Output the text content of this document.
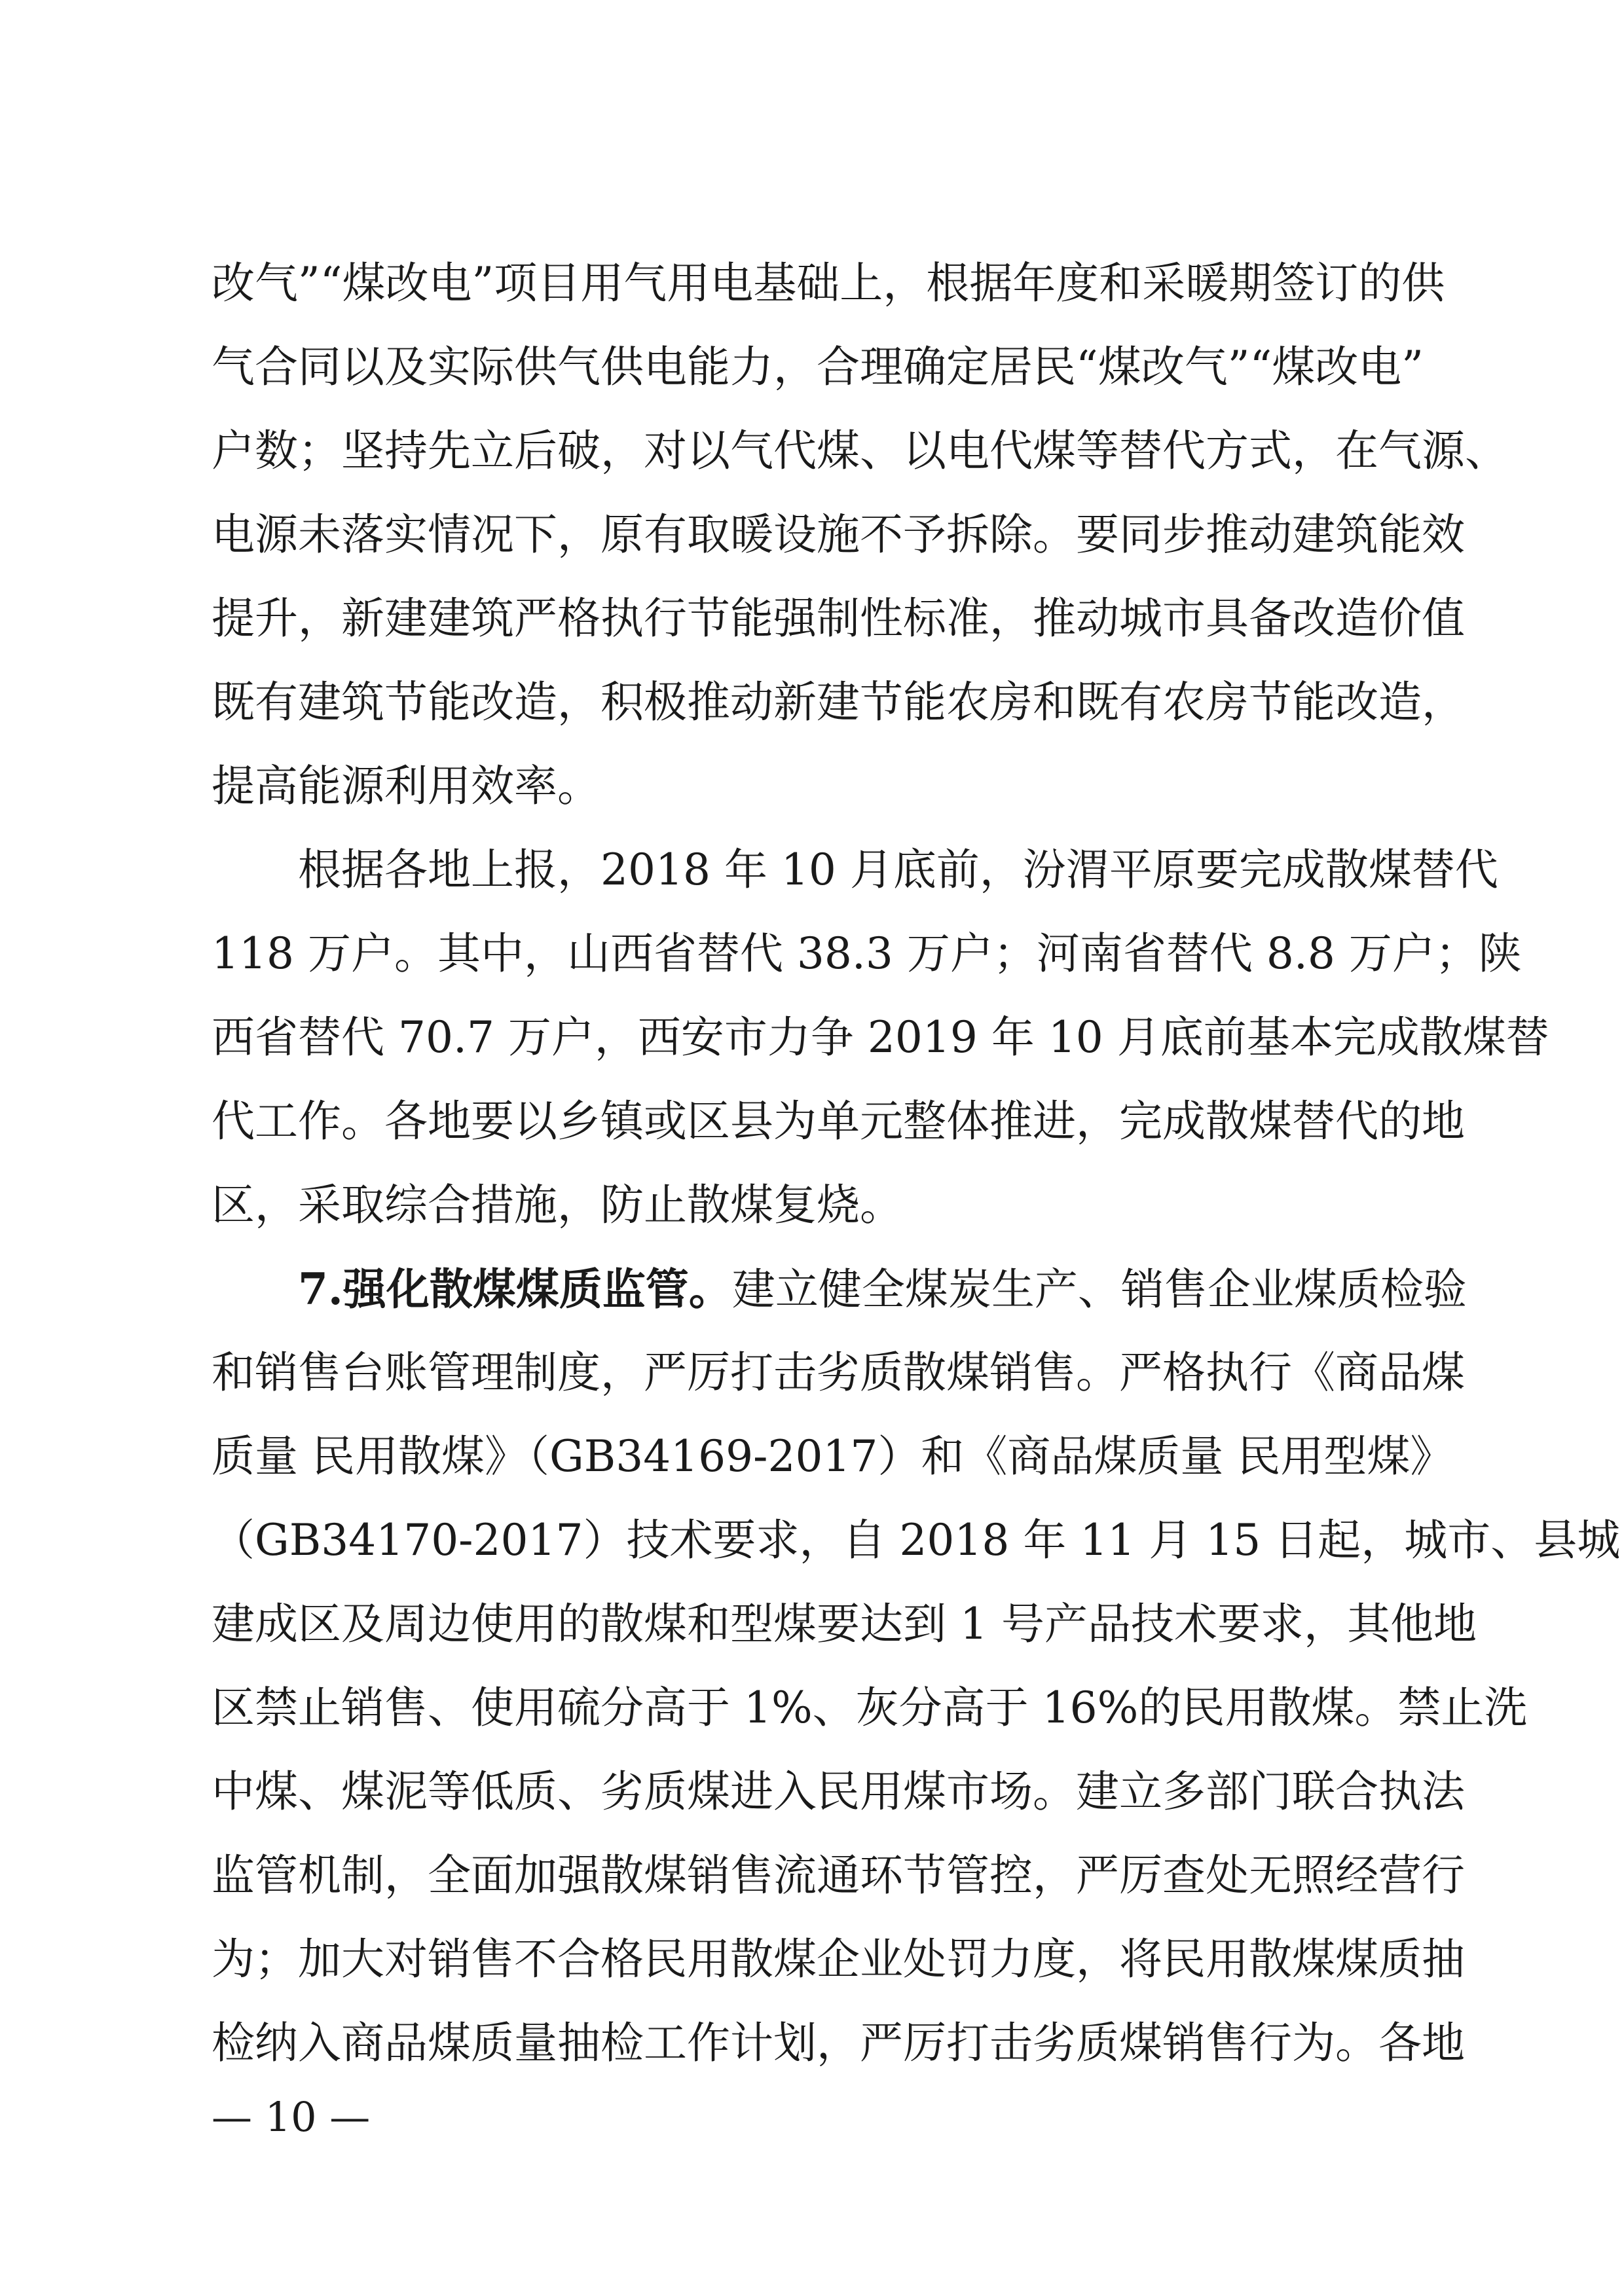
改气”“煤改电”项目用气用电基础上，根据年度和采暖期签订的供
气合同以及实际供气供电能力，合理确定居民“煤改气”“煤改电”
户数；坚持先立后破，对以气代煤、以电代煤等替代方式，在气源、
电源未落实情况下，原有取暖设施不予拆除。要同步推动建筑能效
提升，新建建筑严格执行节能强制性标准，推动城市具备改造价值
既有建筑节能改造，积极推动新建节能农房和既有农房节能改造，
提高能源利用效率。
根据各地上报，2018 年 10 月底前，汾渭平原要完成散煤替代
118 万户。其中，山西省替代 38.3 万户；河南省替代 8.8 万户；陕
西省替代 70.7 万户，西安市力争 2019 年 10 月底前基本完成散煤替
代工作。各地要以乡镇或区县为单元整体推进，完成散煤替代的地
区，采取综合措施，防止散煤复烧。
7.强化散煤煤质监管。建立健全煤炭生产、销售企业煤质检验
和销售台账管理制度，严厉打击劣质散煤销售。严格执行《商品煤
质量 民用散煤》（GB34169-2017）和《商品煤质量 民用型煤》
（GB34170-2017）技术要求，自 2018 年 11 月 15 日起，城市、县城
建成区及周边使用的散煤和型煤要达到 1 号产品技术要求，其他地
区禁止销售、使用硫分高于 1%、灰分高于 16%的民用散煤。禁止洗
中煤、煤泥等低质、劣质煤进入民用煤市场。建立多部门联合执法
监管机制，全面加强散煤销售流通环节管控，严厉查处无照经营行
为；加大对销售不合格民用散煤企业处罚力度，将民用散煤煤质抽
检纳入商品煤质量抽检工作计划，严厉打击劣质煤销售行为。各地
— 10 —
